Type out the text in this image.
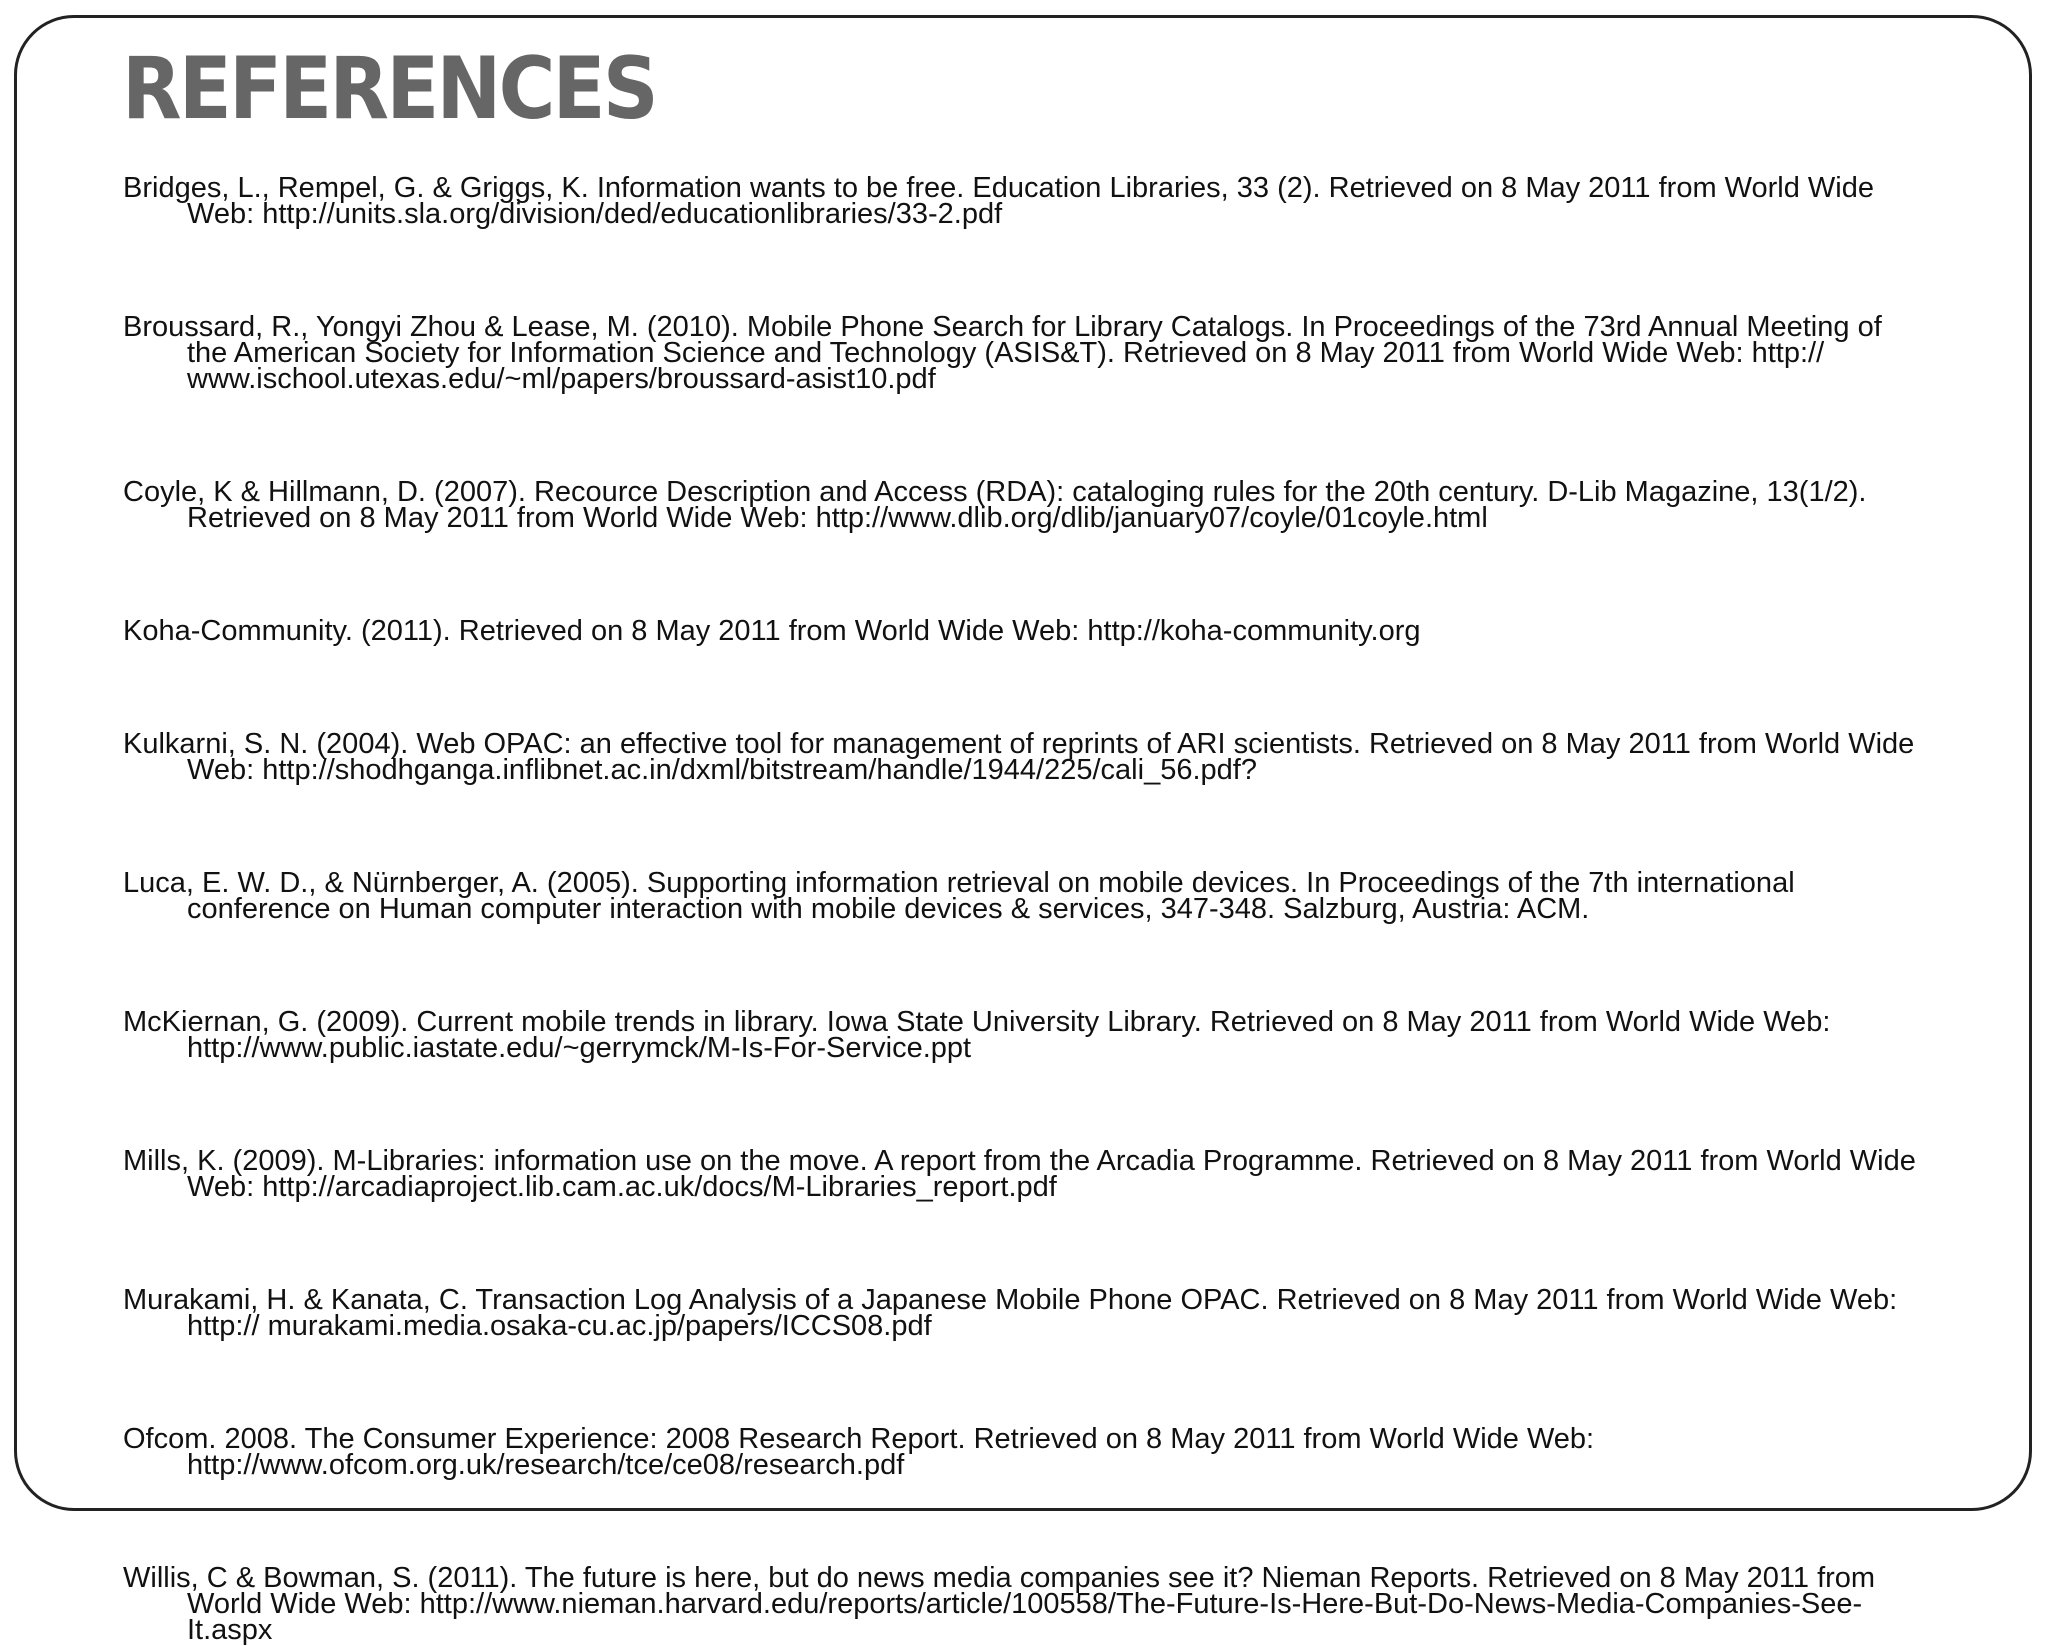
REFERENCES
Bridges, L., Rempel, G. & Griggs, K. Information wants to be free. Education Libraries, 33 (2). Retrieved on 8 May 2011 from World Wide Web: http://units.sla.org/division/ded/educationlibraries/33-2.pdf
Broussard, R., Yongyi Zhou & Lease, M. (2010). Mobile Phone Search for Library Catalogs. In Proceedings of the 73rd Annual Meeting of the American Society for Information Science and Technology (ASIS&T). Retrieved on 8 May 2011 from World Wide Web: http:// www.ischool.utexas.edu/~ml/papers/broussard-asist10.pdf
Coyle, K & Hillmann, D. (2007). Recource Description and Access (RDA): cataloging rules for the 20th century. D-Lib Magazine, 13(1/2). Retrieved on 8 May 2011 from World Wide Web: http://www.dlib.org/dlib/january07/coyle/01coyle.html
Koha-Community. (2011). Retrieved on 8 May 2011 from World Wide Web: http://koha-community.org
Kulkarni, S. N. (2004). Web OPAC: an effective tool for management of reprints of ARI scientists. Retrieved on 8 May 2011 from World Wide Web: http://shodhganga.inflibnet.ac.in/dxml/bitstream/handle/1944/225/cali_56.pdf?
Luca, E. W. D., & Nürnberger, A. (2005). Supporting information retrieval on mobile devices. In Proceedings of the 7th international conference on Human computer interaction with mobile devices & services, 347-348. Salzburg, Austria: ACM.
McKiernan, G. (2009). Current mobile trends in library. Iowa State University Library. Retrieved on 8 May 2011 from World Wide Web: http://www.public.iastate.edu/~gerrymck/M-Is-For-Service.ppt
Mills, K. (2009). M-Libraries: information use on the move. A report from the Arcadia Programme. Retrieved on 8 May 2011 from World Wide Web: http://arcadiaproject.lib.cam.ac.uk/docs/M-Libraries_report.pdf
Murakami, H. & Kanata, C. Transaction Log Analysis of a Japanese Mobile Phone OPAC. Retrieved on 8 May 2011 from World Wide Web: http:// murakami.media.osaka-cu.ac.jp/papers/ICCS08.pdf
Ofcom. 2008. The Consumer Experience: 2008 Research Report. Retrieved on 8 May 2011 from World Wide Web: http://www.ofcom.org.uk/research/tce/ce08/research.pdf
Willis, C & Bowman, S. (2011). The future is here, but do news media companies see it? Nieman Reports. Retrieved on 8 May 2011 from World Wide Web: http://www.nieman.harvard.edu/reports/article/100558/The-Future-Is-Here-But-Do-News-Media-Companies-See-It.aspx
